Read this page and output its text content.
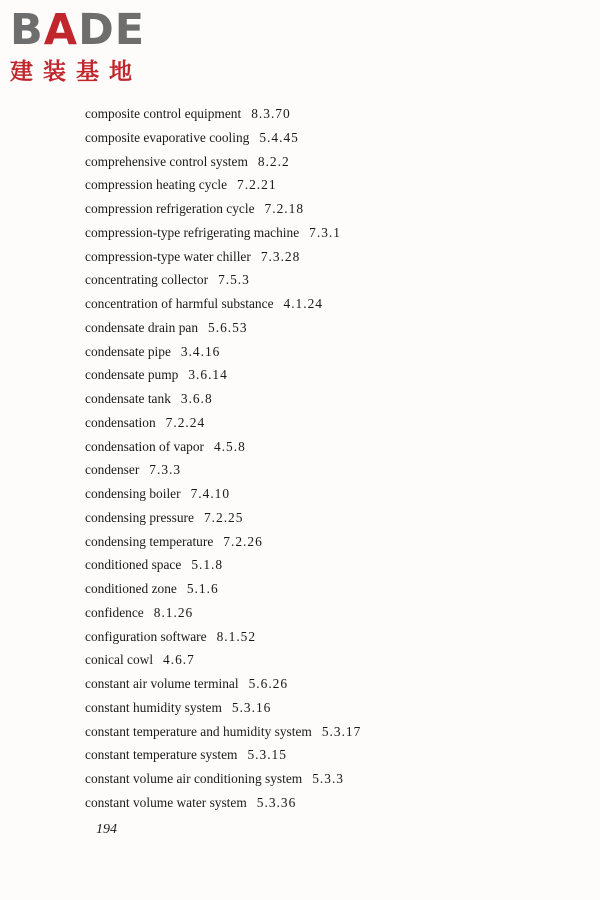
BADE
建装基地
composite control equipment 8.3.70
composite evaporative cooling 5.4.45
comprehensive control system 8.2.2
compression heating cycle 7.2.21
compression refrigeration cycle 7.2.18
compression-type refrigerating machine 7.3.1
compression-type water chiller 7.3.28
concentrating collector 7.5.3
concentration of harmful substance 4.1.24
condensate drain pan 5.6.53
condensate pipe 3.4.16
condensate pump 3.6.14
condensate tank 3.6.8
condensation 7.2.24
condensation of vapor 4.5.8
condenser 7.3.3
condensing boiler 7.4.10
condensing pressure 7.2.25
condensing temperature 7.2.26
conditioned space 5.1.8
conditioned zone 5.1.6
confidence 8.1.26
configuration software 8.1.52
conical cowl 4.6.7
constant air volume terminal 5.6.26
constant humidity system 5.3.16
constant temperature and humidity system 5.3.17
constant temperature system 5.3.15
constant volume air conditioning system 5.3.3
constant volume water system 5.3.36
194
